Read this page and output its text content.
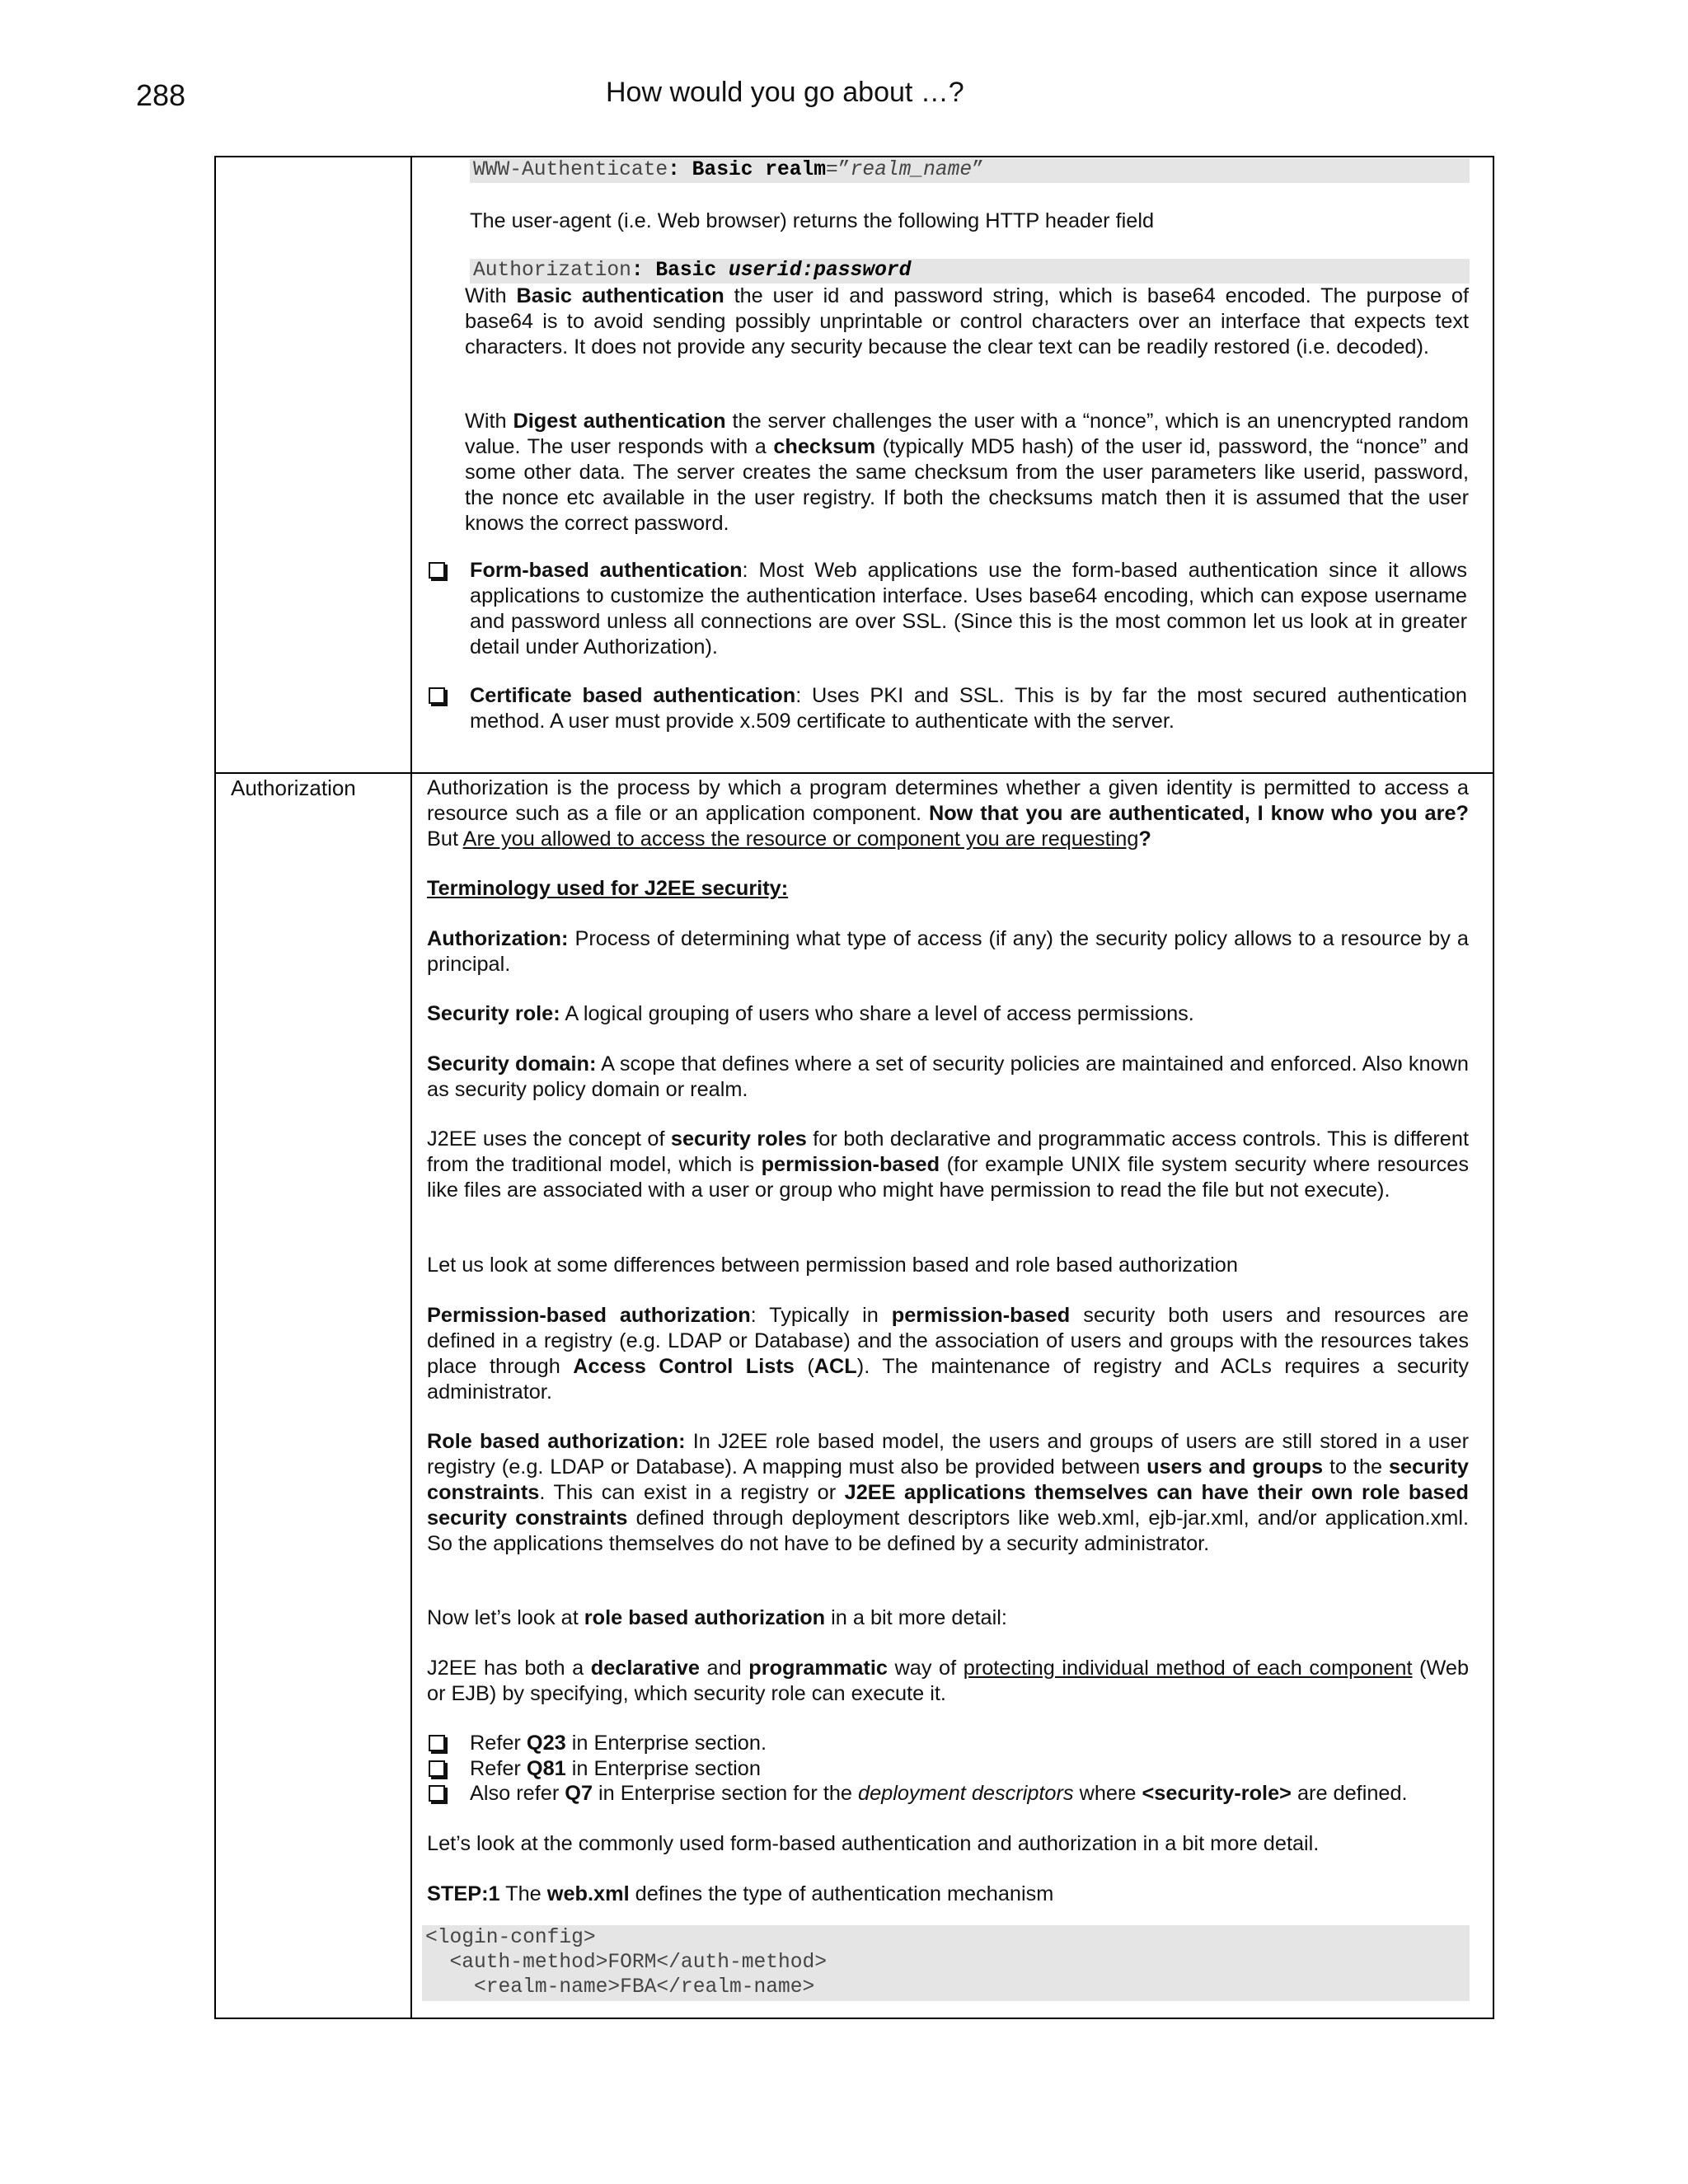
288	How would you go about …?
WWW-Authenticate: Basic realm=”realm_name”

The user-agent (i.e. Web browser) returns the following HTTP header field

Authorization: Basic userid:password

With Basic authentication the user id and password string, which is base64 encoded. The purpose of base64 is to avoid sending possibly unprintable or control characters over an interface that expects text characters. It does not provide any security because the clear text can be readily restored (i.e. decoded).

With Digest authentication the server challenges the user with a “nonce”, which is an unencrypted random value. The user responds with a checksum (typically MD5 hash) of the user id, password, the “nonce” and some other data. The server creates the same checksum from the user parameters like userid, password, the nonce etc available in the user registry. If both the checksums match then it is assumed that the user knows the correct password.

Form-based authentication: Most Web applications use the form-based authentication since it allows applications to customize the authentication interface. Uses base64 encoding, which can expose username and password unless all connections are over SSL. (Since this is the most common let us look at in greater detail under Authorization).

Certificate based authentication: Uses PKI and SSL. This is by far the most secured authentication method. A user must provide x.509 certificate to authenticate with the server.

Authorization	Authorization is the process by which a program determines whether a given identity is permitted to access a resource such as a file or an application component. Now that you are authenticated, I know who you are? But Are you allowed to access the resource or component you are requesting?

Terminology used for J2EE security:

Authorization: Process of determining what type of access (if any) the security policy allows to a resource by a principal.

Security role: A logical grouping of users who share a level of access permissions.

Security domain: A scope that defines where a set of security policies are maintained and enforced. Also known as security policy domain or realm.

J2EE uses the concept of security roles for both declarative and programmatic access controls. This is different from the traditional model, which is permission-based (for example UNIX file system security where resources like files are associated with a user or group who might have permission to read the file but not execute).

Let us look at some differences between permission based and role based authorization

Permission-based authorization: Typically in permission-based security both users and resources are defined in a registry (e.g. LDAP or Database) and the association of users and groups with the resources takes place through Access Control Lists (ACL). The maintenance of registry and ACLs requires a security administrator.

Role based authorization: In J2EE role based model, the users and groups of users are still stored in a user registry (e.g. LDAP or Database). A mapping must also be provided between users and groups to the security constraints. This can exist in a registry or J2EE applications themselves can have their own role based security constraints defined through deployment descriptors like web.xml, ejb-jar.xml, and/or application.xml. So the applications themselves do not have to be defined by a security administrator.

Now let’s look at role based authorization in a bit more detail:

J2EE has both a declarative and programmatic way of protecting individual method of each component (Web or EJB) by specifying, which security role can execute it.

Refer Q23 in Enterprise section.

Refer Q81 in Enterprise section

Also refer Q7 in Enterprise section for the deployment descriptors where <security-role> are defined.

Let’s look at the commonly used form-based authentication and authorization in a bit more detail.

STEP:1 The web.xml defines the type of authentication mechanism

<login-config>
<auth-method>FORM</auth-method>
<realm-name>FBA</realm-name>
